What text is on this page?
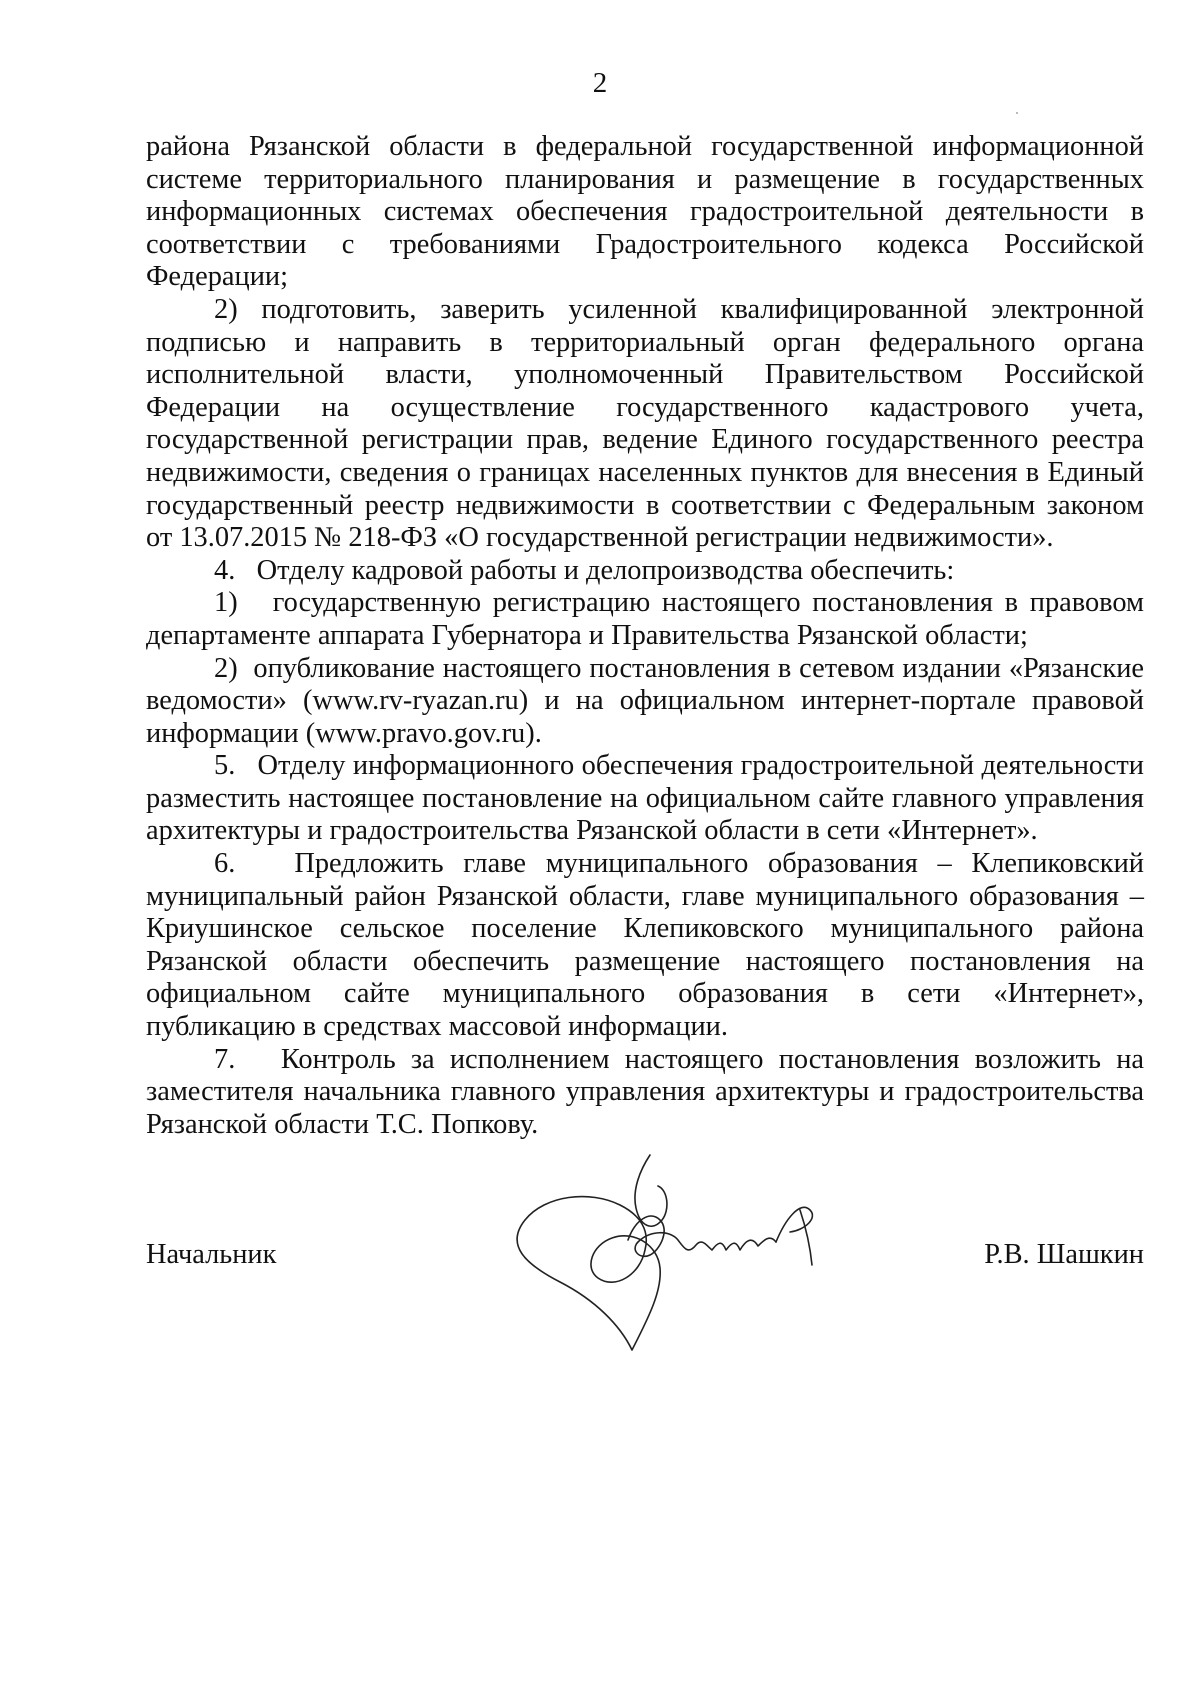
2

района Рязанской области в федеральной государственной информационной системе территориального планирования и размещение в государственных информационных системах обеспечения градостроительной деятельности в соответствии с требованиями Градостроительного кодекса Российской Федерации;

2) подготовить, заверить усиленной квалифицированной электронной подписью и направить в территориальный орган федерального органа исполнительной власти, уполномоченный Правительством Российской Федерации на осуществление государственного кадастрового учета, государственной регистрации прав, ведение Единого государственного реестра недвижимости, сведения о границах населенных пунктов для внесения в Единый государственный реестр недвижимости в соответствии с Федеральным законом от 13.07.2015 № 218-ФЗ «О государственной регистрации недвижимости».

4.   Отделу кадровой работы и делопроизводства обеспечить:

1)   государственную регистрацию настоящего постановления в правовом департаменте аппарата Губернатора и Правительства Рязанской области;

2)  опубликование настоящего постановления в сетевом издании «Рязанские ведомости» (www.rv-ryazan.ru) и на официальном интернет-портале правовой информации (www.pravo.gov.ru).

5.   Отделу информационного обеспечения градостроительной деятельности разместить настоящее постановление на официальном сайте главного управления архитектуры и градостроительства Рязанской области в сети «Интернет».

6.   Предложить главе муниципального образования – Клепиковский муниципальный район Рязанской области, главе муниципального образования – Криушинское сельское поселение Клепиковского муниципального района Рязанской области обеспечить размещение настоящего постановления на официальном сайте муниципального образования в сети «Интернет», публикацию в средствах массовой информации.

7.   Контроль за исполнением настоящего постановления возложить на заместителя начальника главного управления архитектуры и градостроительства Рязанской области Т.С. Попкову.

Начальник	Р.В. Шашкин
